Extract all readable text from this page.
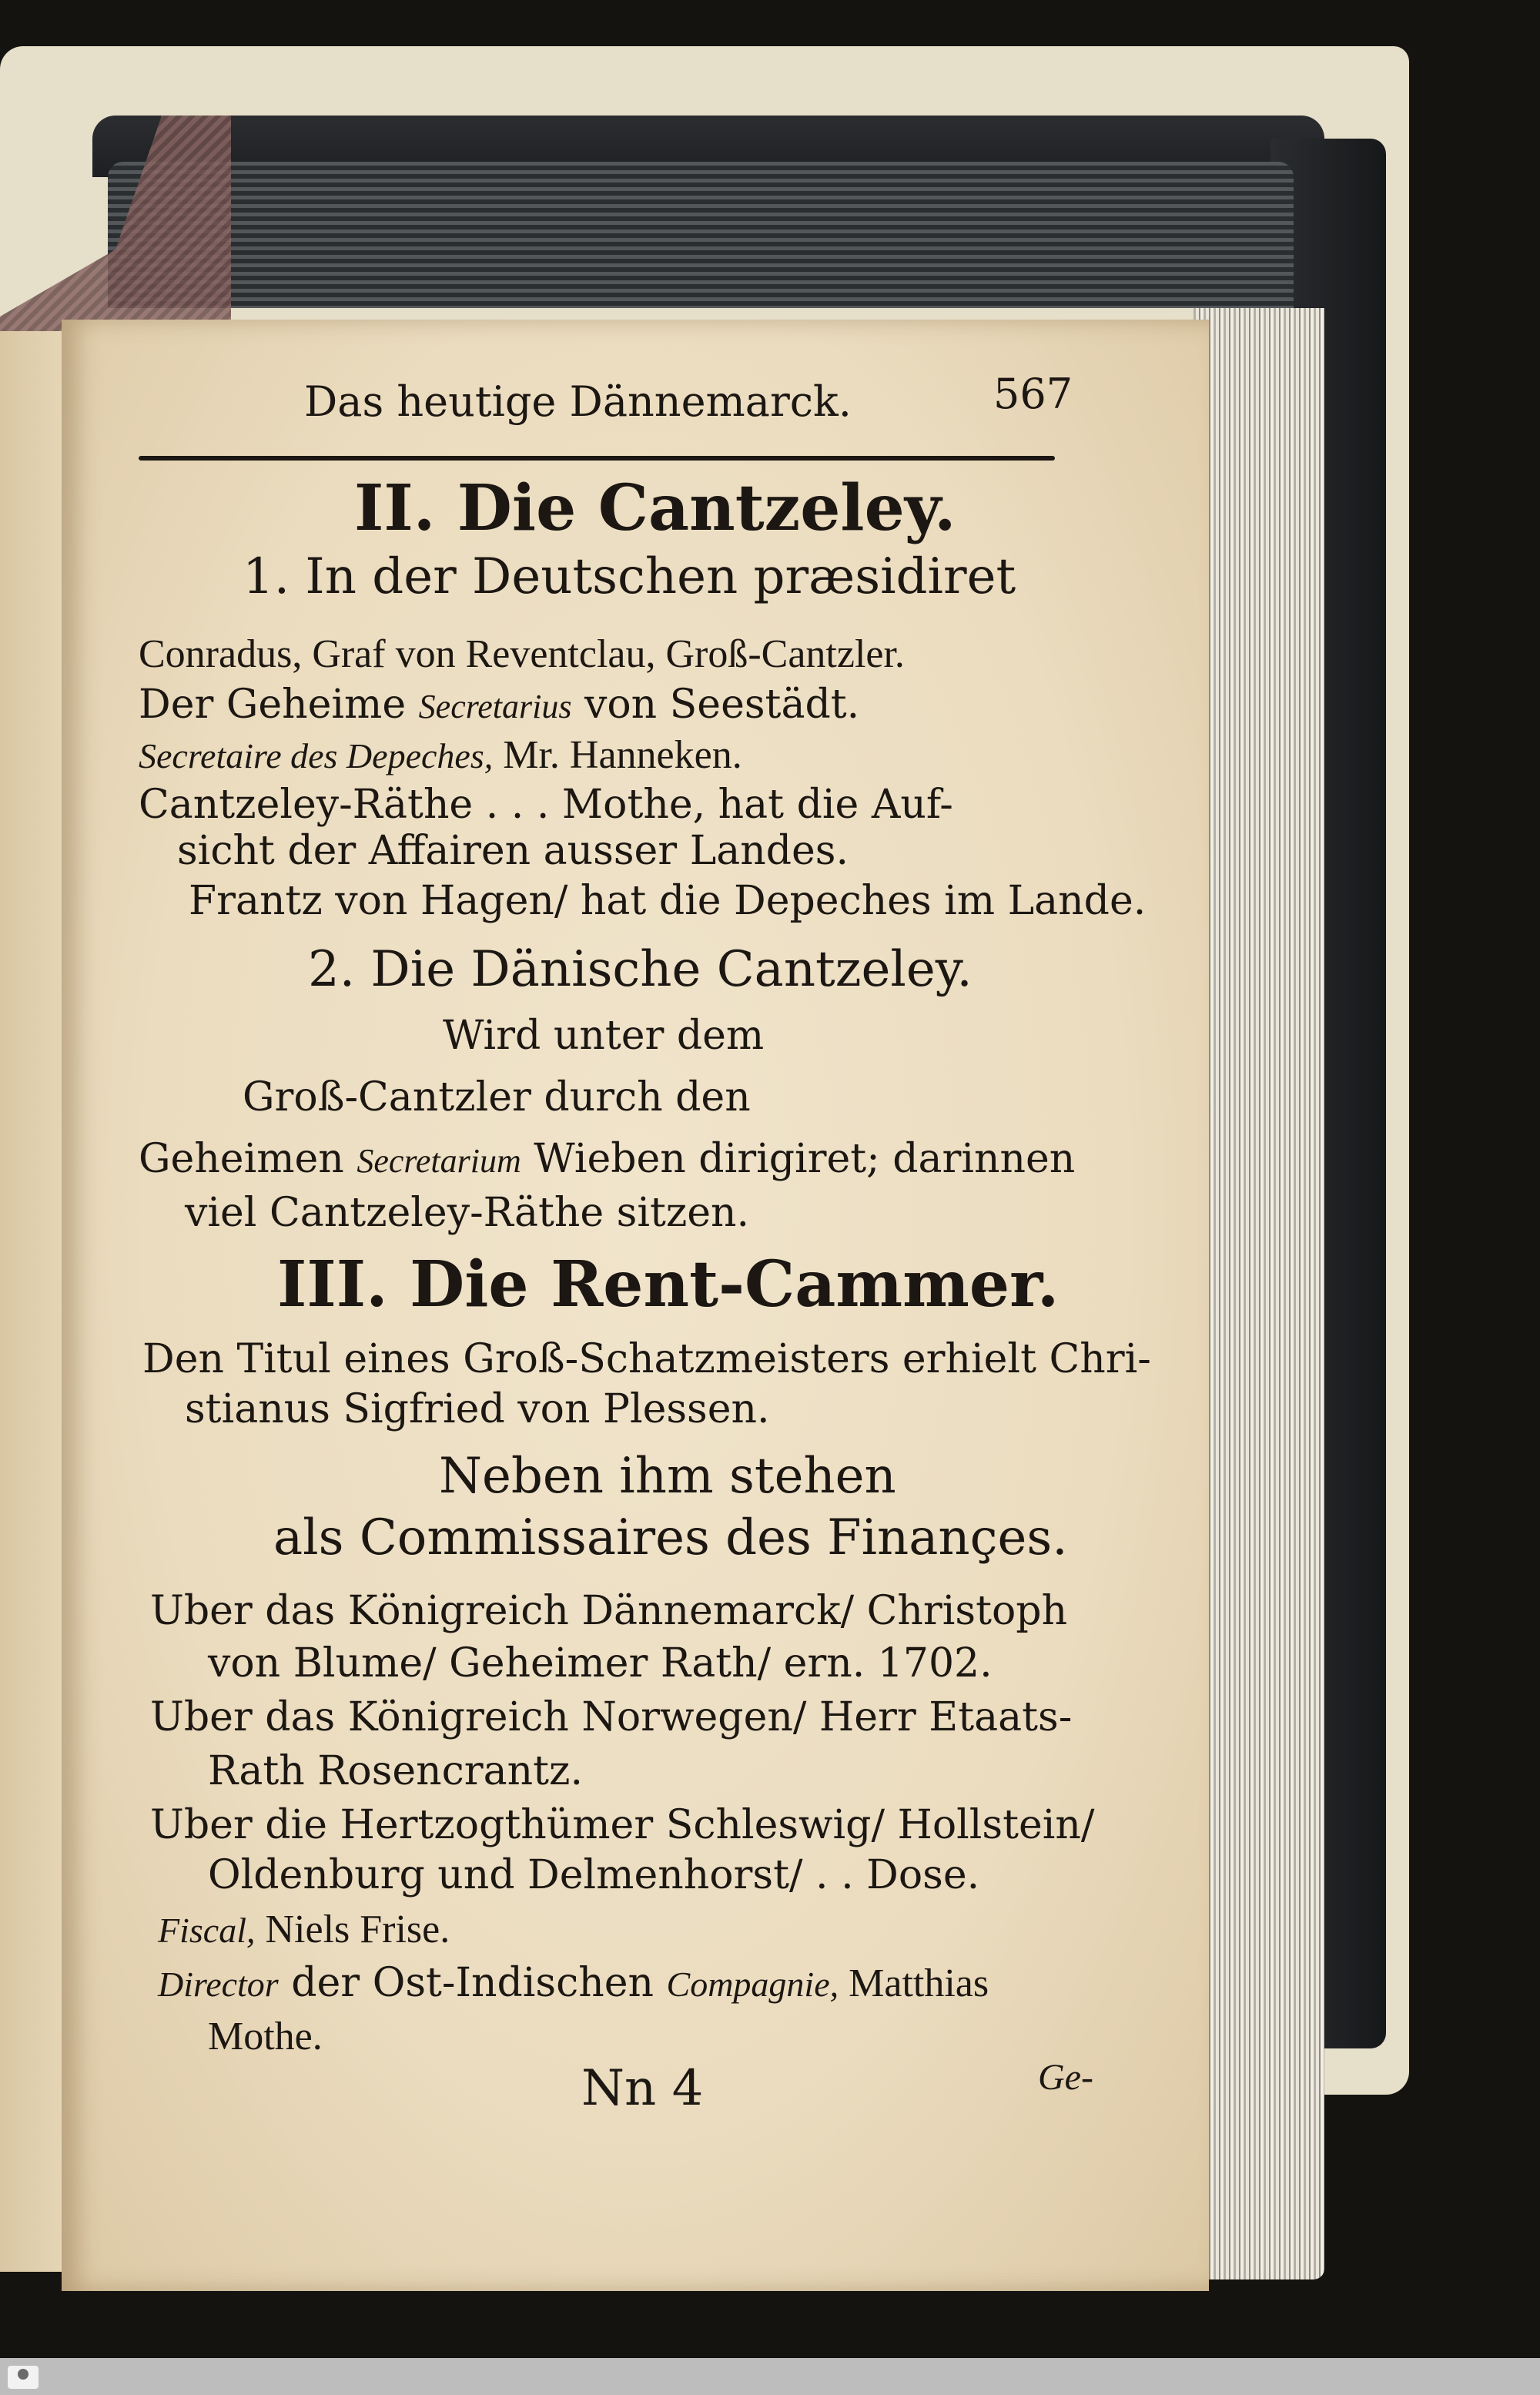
Das heutige Dännemarck.	567
II. Die Cantzeley.
1. In der Deutschen præsidiret
Conradus, Graf von Reventclau, Groß-Cantzler.
Der Geheime Secretarius von Seestädt.
Secretaire des Depeches, Mr. Hanneken.
Cantzeley-Räthe . . . Mothe, hat die Auf-
sicht der Affairen ausser Landes.
Frantz von Hagen/ hat die Depeches im Lande.
2. Die Dänische Cantzeley.
Wird unter dem
Groß-Cantzler durch den
Geheimen Secretarium Wieben dirigiret; darinnen
viel Cantzeley-Räthe sitzen.
III. Die Rent-Cammer.
Den Titul eines Groß-Schatzmeisters erhielt Chri-
stianus Sigfried von Plessen.
Neben ihm stehen
als Commissaires des Finançes.
Uber das Königreich Dännemarck/ Christoph
von Blume/ Geheimer Rath/ ern. 1702.
Uber das Königreich Norwegen/ Herr Etaats-
Rath Rosencrantz.
Uber die Hertzogthümer Schleswig/ Hollstein/
Oldenburg und Delmenhorst/ . . Dose.
Fiscal, Niels Frise.
Director der Ost-Indischen Compagnie, Matthias
Mothe.
Nn 4	Ge-
